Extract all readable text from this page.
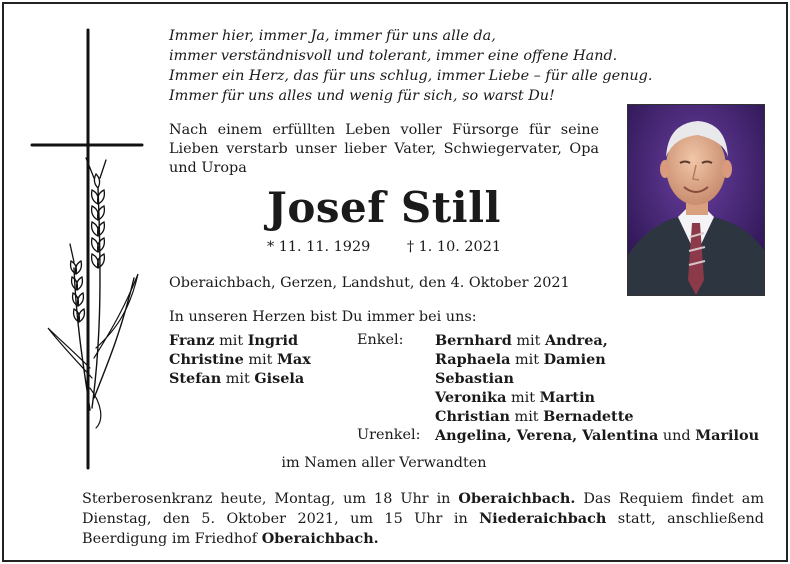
Immer hier, immer Ja, immer für uns alle da,
immer verständnisvoll und tolerant, immer eine offene Hand.
Immer ein Herz, das für uns schlug, immer Liebe – für alle genug.
Immer für uns alles und wenig für sich, so warst Du!
Nach einem erfüllten Leben voller Fürsorge für seine Lieben verstarb unser lieber Vater, Schwiegervater, Opa und Uropa
Josef Still
* 11. 11. 1929	† 1. 10. 2021
Oberaichbach, Gerzen, Landshut, den 4. Oktober 2021
In unseren Herzen bist Du immer bei uns:
Franz mit Ingrid
Christine mit Max
Stefan mit Gisela
Enkel: Bernhard mit Andrea,
Raphaela mit Damien
Sebastian
Veronika mit Martin
Christian mit Bernadette
Urenkel: Angelina, Verena, Valentina und Marilou
im Namen aller Verwandten
Sterberosenkranz heute, Montag, um 18 Uhr in Oberaichbach. Das Requiem findet am Dienstag, den 5. Oktober 2021, um 15 Uhr in Niederaichbach statt, anschließend Beerdigung im Friedhof Oberaichbach.
